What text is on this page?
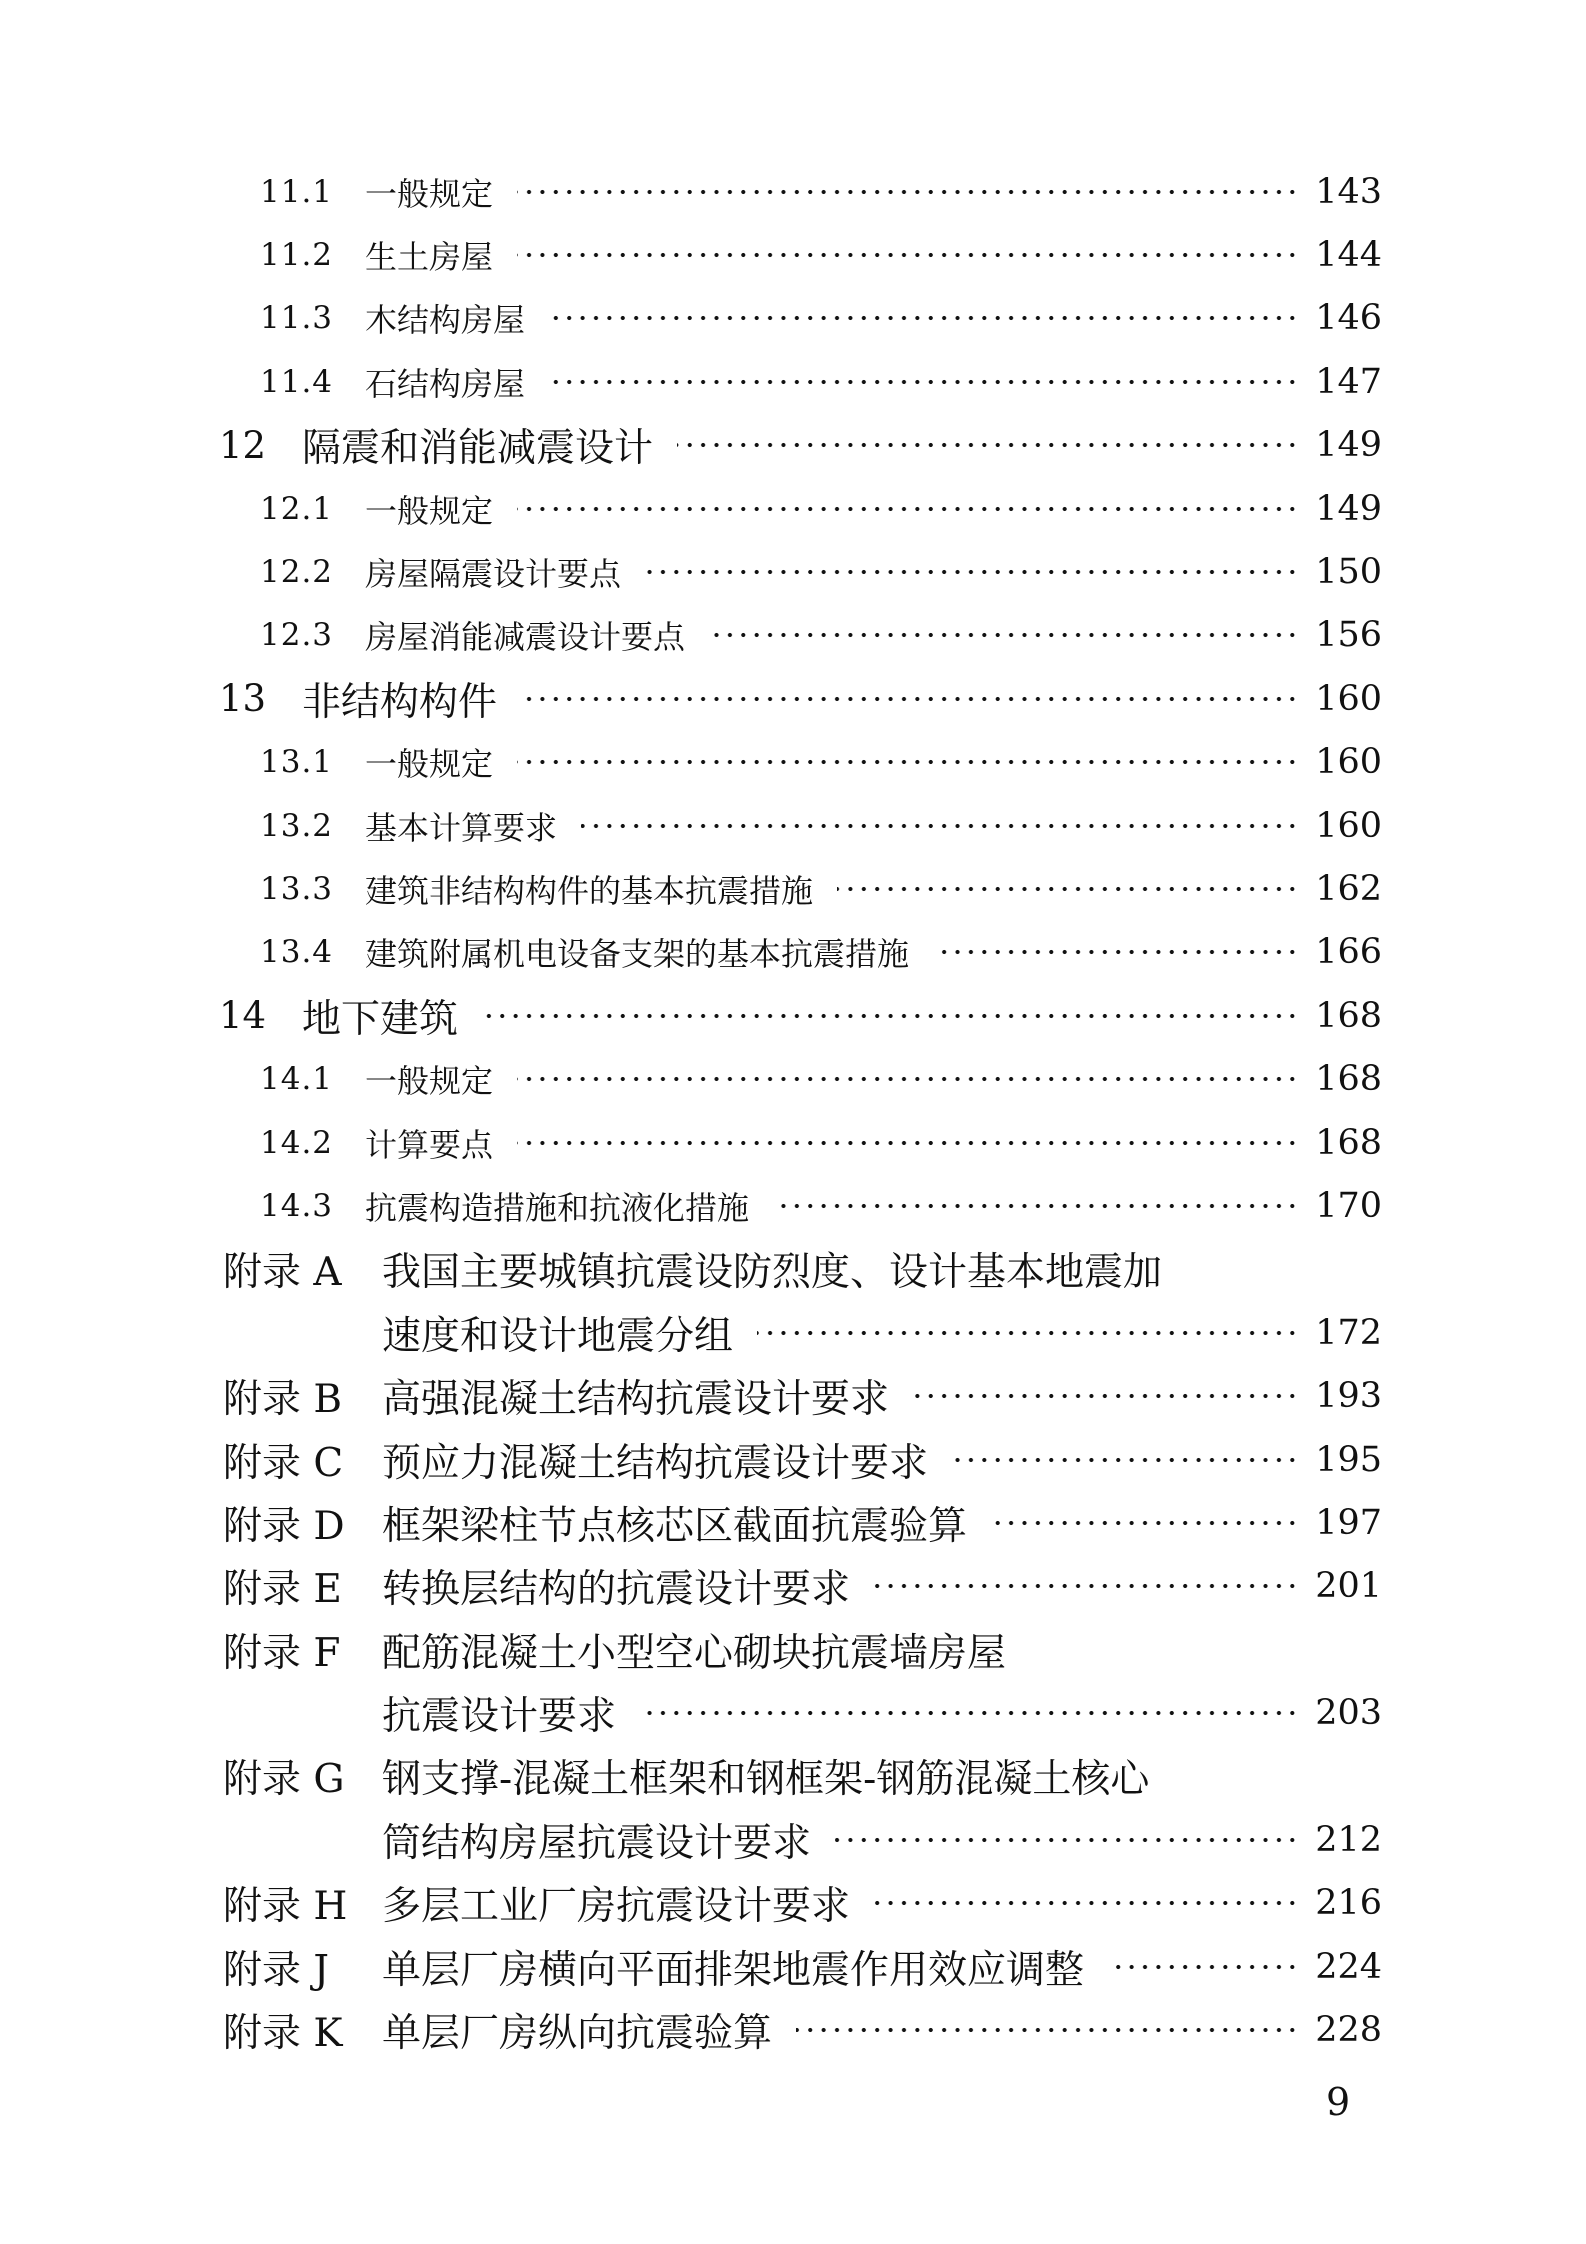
11.1 一般规定	143
11.2 生土房屋	144
11.3 木结构房屋	146
11.4 石结构房屋	147
12 隔震和消能减震设计	149
12.1 一般规定	149
12.2 房屋隔震设计要点	150
12.3 房屋消能减震设计要点	156
13 非结构构件	160
13.1 一般规定	160
13.2 基本计算要求	160
13.3 建筑非结构构件的基本抗震措施	162
13.4 建筑附属机电设备支架的基本抗震措施	166
14 地下建筑	168
14.1 一般规定	168
14.2 计算要点	168
14.3 抗震构造措施和抗液化措施	170
附录 A 我国主要城镇抗震设防烈度、设计基本地震加
速度和设计地震分组	172
附录 B 高强混凝土结构抗震设计要求	193
附录 C 预应力混凝土结构抗震设计要求	195
附录 D 框架梁柱节点核芯区截面抗震验算	197
附录 E 转换层结构的抗震设计要求	201
附录 F 配筋混凝土小型空心砌块抗震墙房屋
抗震设计要求	203
附录 G 钢支撑-混凝土框架和钢框架-钢筋混凝土核心
筒结构房屋抗震设计要求	212
附录 H 多层工业厂房抗震设计要求	216
附录 J 单层厂房横向平面排架地震作用效应调整	224
附录 K 单层厂房纵向抗震验算	228
9
